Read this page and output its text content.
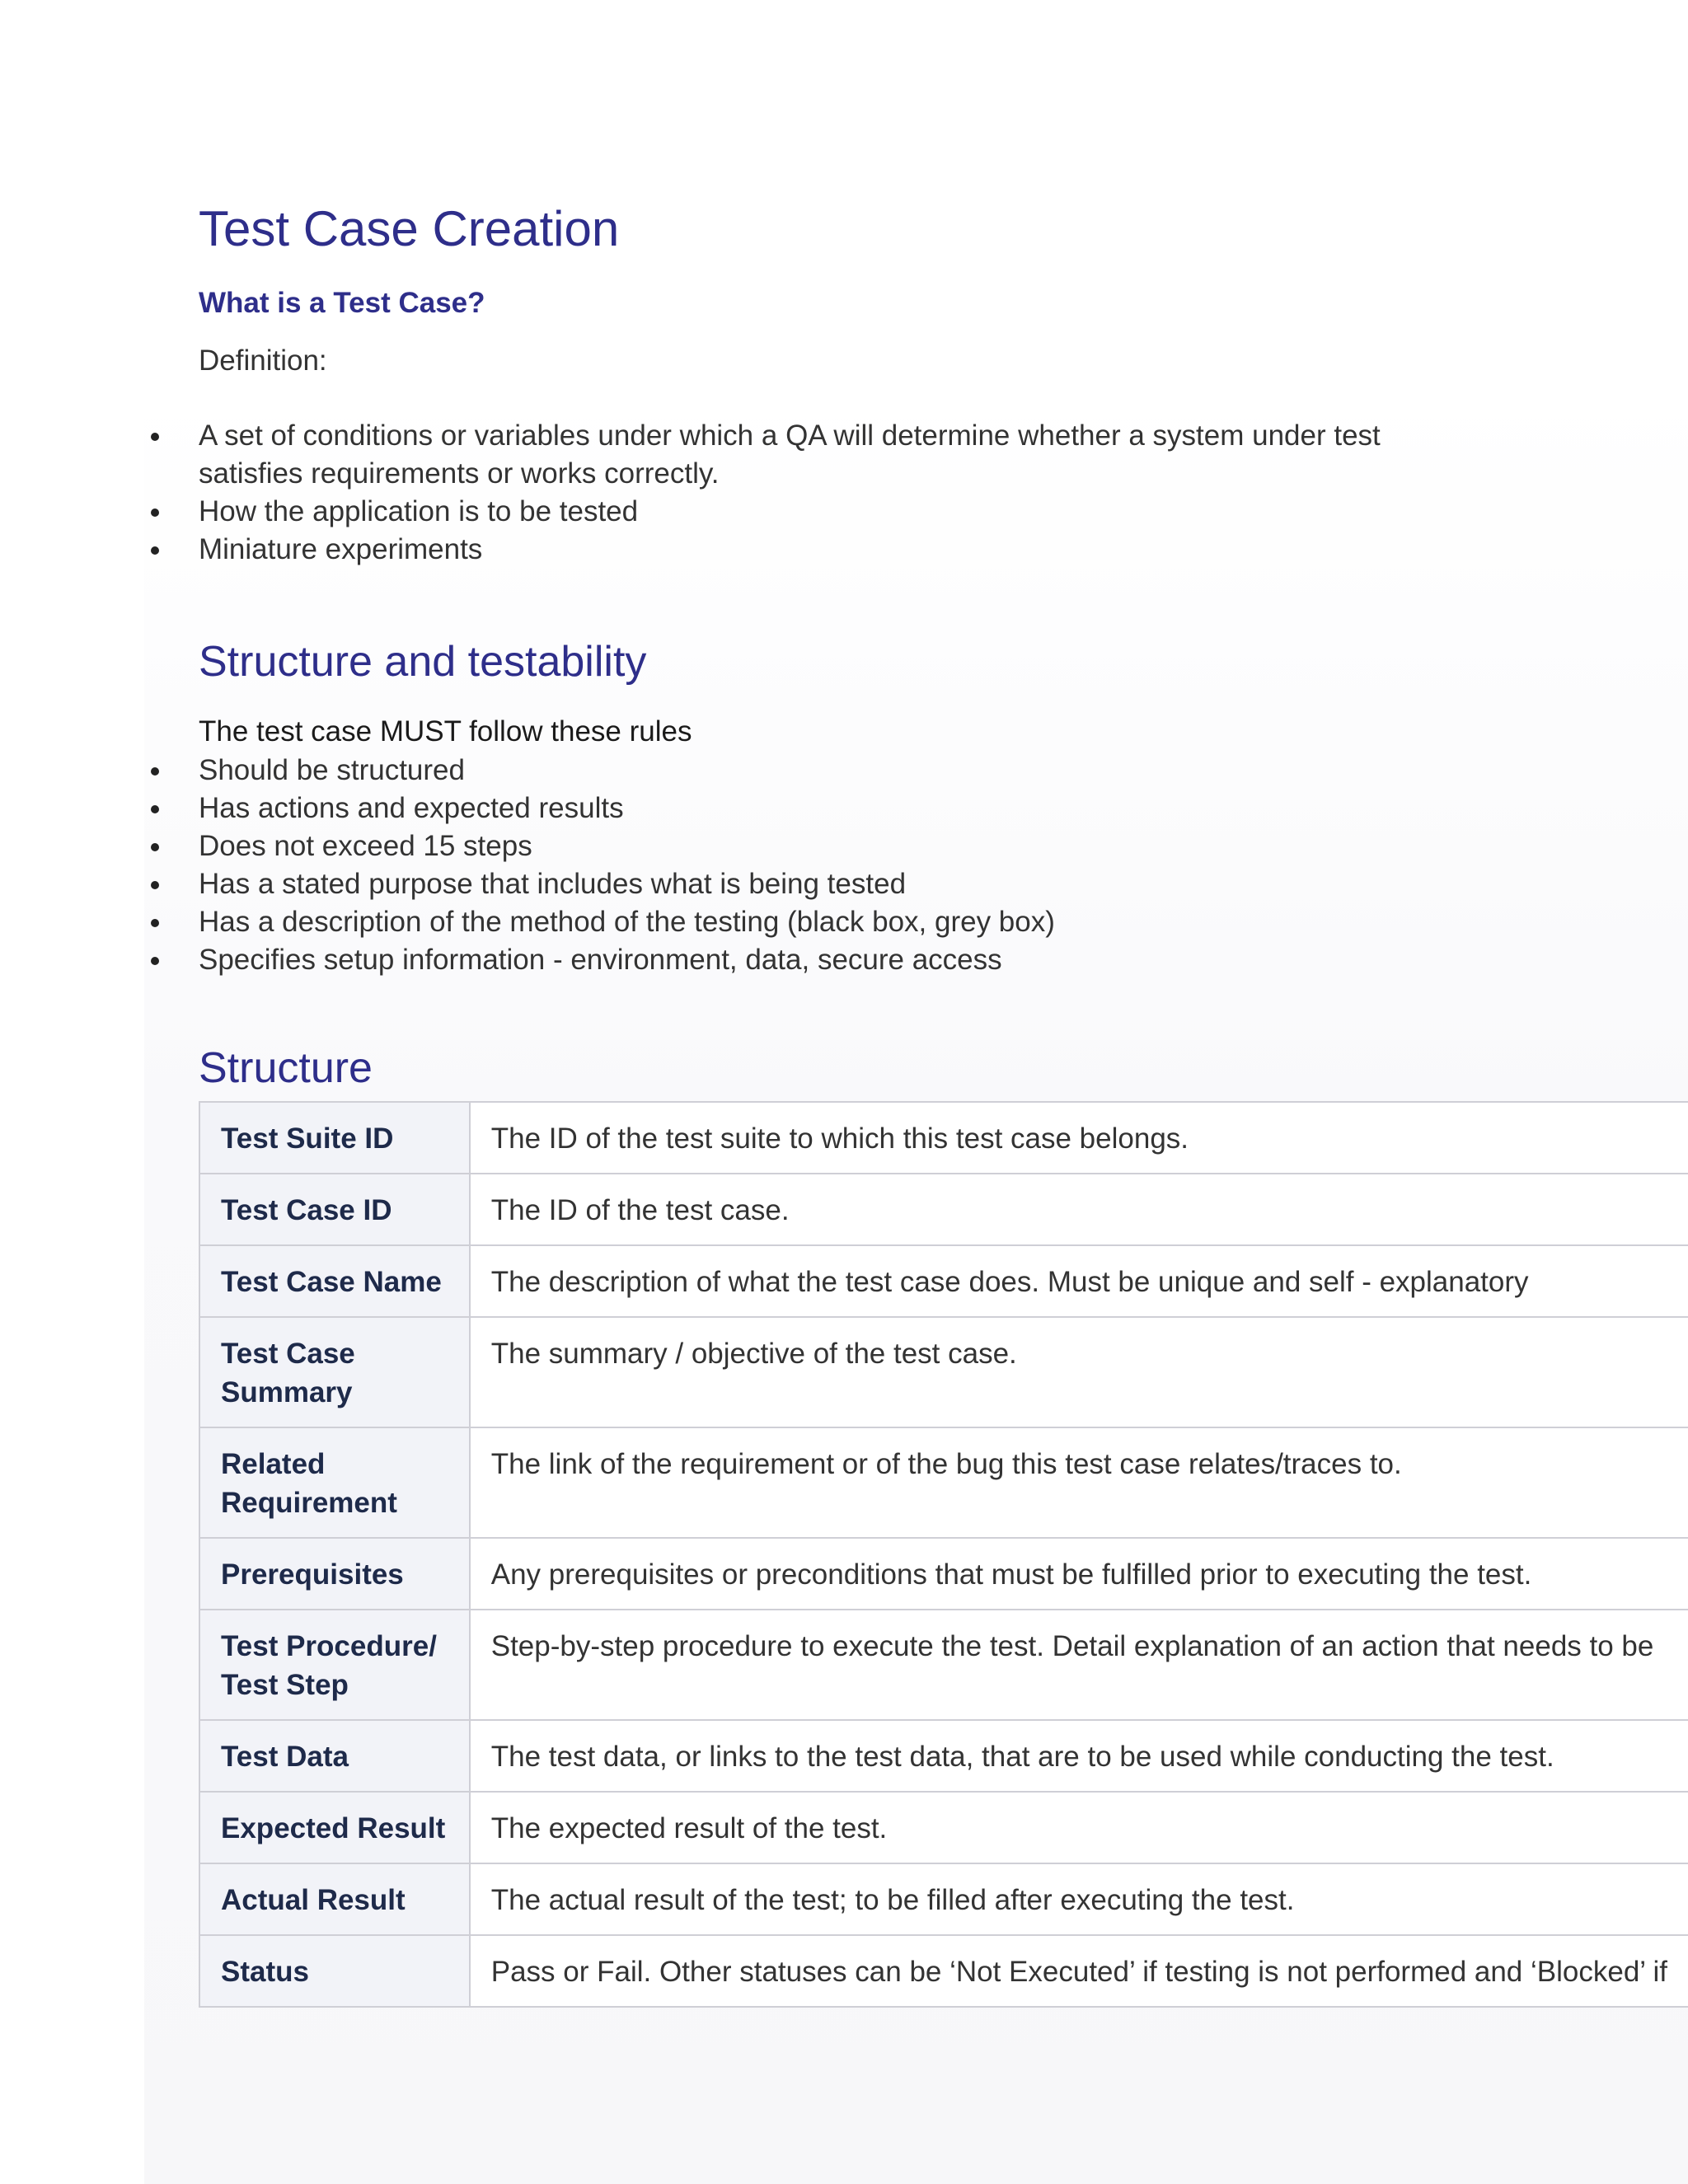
Test Case Creation
What is a Test Case?
Definition:
A set of conditions or variables under which a QA will determine whether a system under test satisfies requirements or works correctly.
How the application is to be tested
Miniature experiments
Structure and testability
The test case MUST follow these rules
Should be structured
Has actions and expected results
Does not exceed 15 steps
Has a stated purpose that includes what is being tested
Has a description of the method of the testing (black box, grey box)
Specifies setup information - environment, data, secure access
Structure
Test Suite ID	The ID of the test suite to which this test case belongs.
Test Case ID	The ID of the test case.
Test Case Name	The description of what the test case does. Must be unique and self - explanatory
Test Case Summary	The summary / objective of the test case.
Related Requirement	The link of the requirement or of the bug this test case relates/traces to.
Prerequisites	Any prerequisites or preconditions that must be fulfilled prior to executing the test.
Test Procedure/ Test Step	Step-by-step procedure to execute the test. Detail explanation of an action that needs to be
Test Data	The test data, or links to the test data, that are to be used while conducting the test.
Expected Result	The expected result of the test.
Actual Result	The actual result of the test; to be filled after executing the test.
Status	Pass or Fail. Other statuses can be ‘Not Executed’ if testing is not performed and ‘Blocked’ if
